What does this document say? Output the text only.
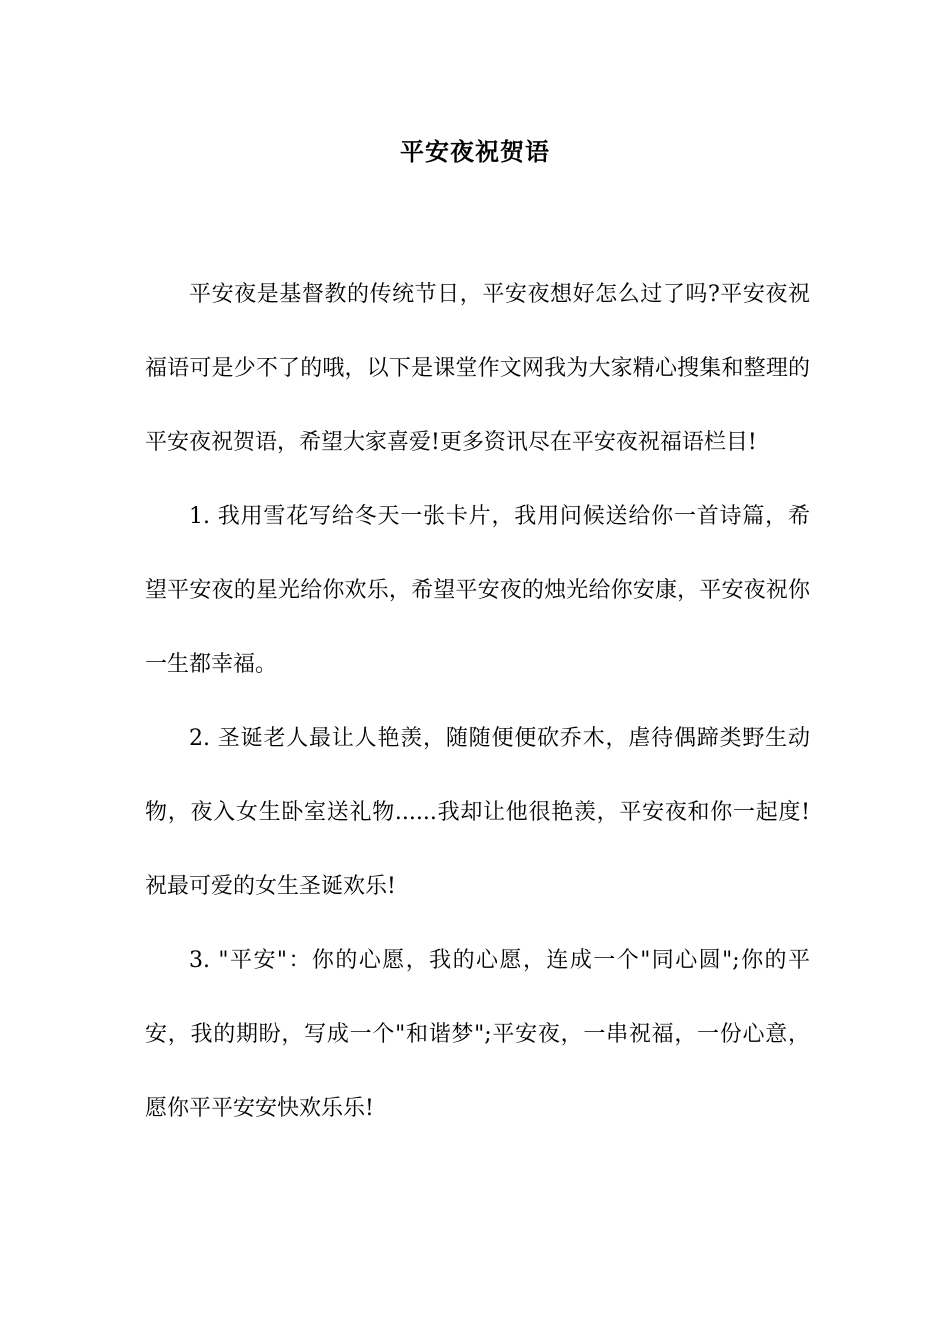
平安夜祝贺语

平安夜是基督教的传统节日，平安夜想好怎么过了吗?平安夜祝福语可是少不了的哦，以下是课堂作文网我为大家精心搜集和整理的平安夜祝贺语，希望大家喜爱!更多资讯尽在平安夜祝福语栏目!

1. 我用雪花写给冬天一张卡片，我用问候送给你一首诗篇，希望平安夜的星光给你欢乐，希望平安夜的烛光给你安康，平安夜祝你一生都幸福。

2. 圣诞老人最让人艳羡，随随便便砍乔木，虐待偶蹄类野生动物，夜入女生卧室送礼物......我却让他很艳羡，平安夜和你一起度!祝最可爱的女生圣诞欢乐!

3. "平安"：你的心愿，我的心愿，连成一个"同心圆";你的平安，我的期盼，写成一个"和谐梦";平安夜，一串祝福，一份心意，愿你平平安安快欢乐乐!
